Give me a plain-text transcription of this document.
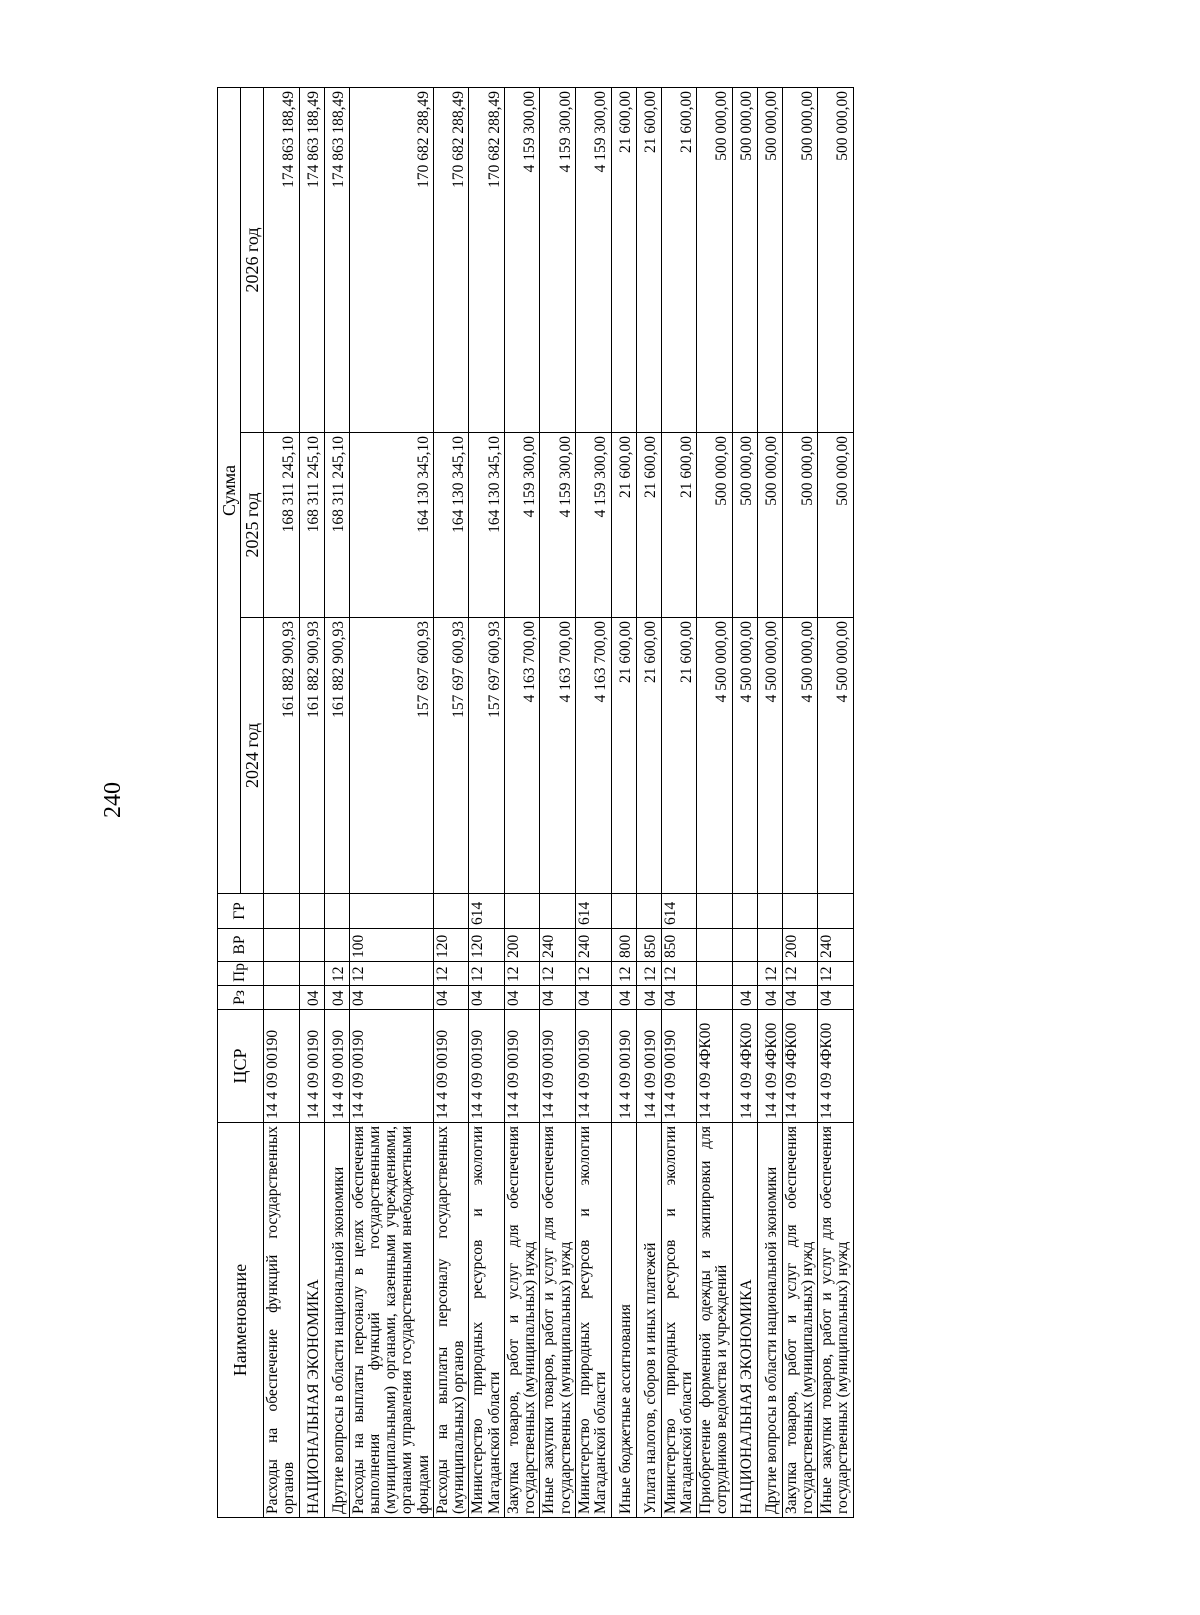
240
Наименование	ЦСР	Рз	Пр	ВР	ГР	Сумма		
						2024 год	2025 год	2026 год
Расходы на обеспечение функций государственных органов	14 4 09 00190					161 882 900,93	168 311 245,10	174 863 188,49
НАЦИОНАЛЬНАЯ ЭКОНОМИКА	14 4 09 00190	04				161 882 900,93	168 311 245,10	174 863 188,49
Другие вопросы в области национальной экономики	14 4 09 00190	04	12			161 882 900,93	168 311 245,10	174 863 188,49
Расходы на выплаты персоналу в целях обеспечения выполнения функций государственными (муниципальными) органами, казенными учреждениями, органами управления государственными внебюджетными фондами	14 4 09 00190	04	12	100		157 697 600,93	164 130 345,10	170 682 288,49
Расходы на выплаты персоналу государственных (муниципальных) органов	14 4 09 00190	04	12	120		157 697 600,93	164 130 345,10	170 682 288,49
Министерство природных ресурсов и экологии Магаданской области	14 4 09 00190	04	12	120	614	157 697 600,93	164 130 345,10	170 682 288,49
Закупка товаров, работ и услуг для обеспечения государственных (муниципальных) нужд	14 4 09 00190	04	12	200		4 163 700,00	4 159 300,00	4 159 300,00
Иные закупки товаров, работ и услуг для обеспечения государственных (муниципальных) нужд	14 4 09 00190	04	12	240		4 163 700,00	4 159 300,00	4 159 300,00
Министерство природных ресурсов и экологии Магаданской области	14 4 09 00190	04	12	240	614	4 163 700,00	4 159 300,00	4 159 300,00
Иные бюджетные ассигнования	14 4 09 00190	04	12	800		21 600,00	21 600,00	21 600,00
Уплата налогов, сборов и иных платежей	14 4 09 00190	04	12	850		21 600,00	21 600,00	21 600,00
Министерство природных ресурсов и экологии Магаданской области	14 4 09 00190	04	12	850	614	21 600,00	21 600,00	21 600,00
Приобретение форменной одежды и экипировки для сотрудников ведомства и учреждений	14 4 09 4ФК00					4 500 000,00	500 000,00	500 000,00
НАЦИОНАЛЬНАЯ ЭКОНОМИКА	14 4 09 4ФК00	04				4 500 000,00	500 000,00	500 000,00
Другие вопросы в области национальной экономики	14 4 09 4ФК00	04	12			4 500 000,00	500 000,00	500 000,00
Закупка товаров, работ и услуг для обеспечения государственных (муниципальных) нужд	14 4 09 4ФК00	04	12	200		4 500 000,00	500 000,00	500 000,00
Иные закупки товаров, работ и услуг для обеспечения государственных (муниципальных) нужд	14 4 09 4ФК00	04	12	240		4 500 000,00	500 000,00	500 000,00
